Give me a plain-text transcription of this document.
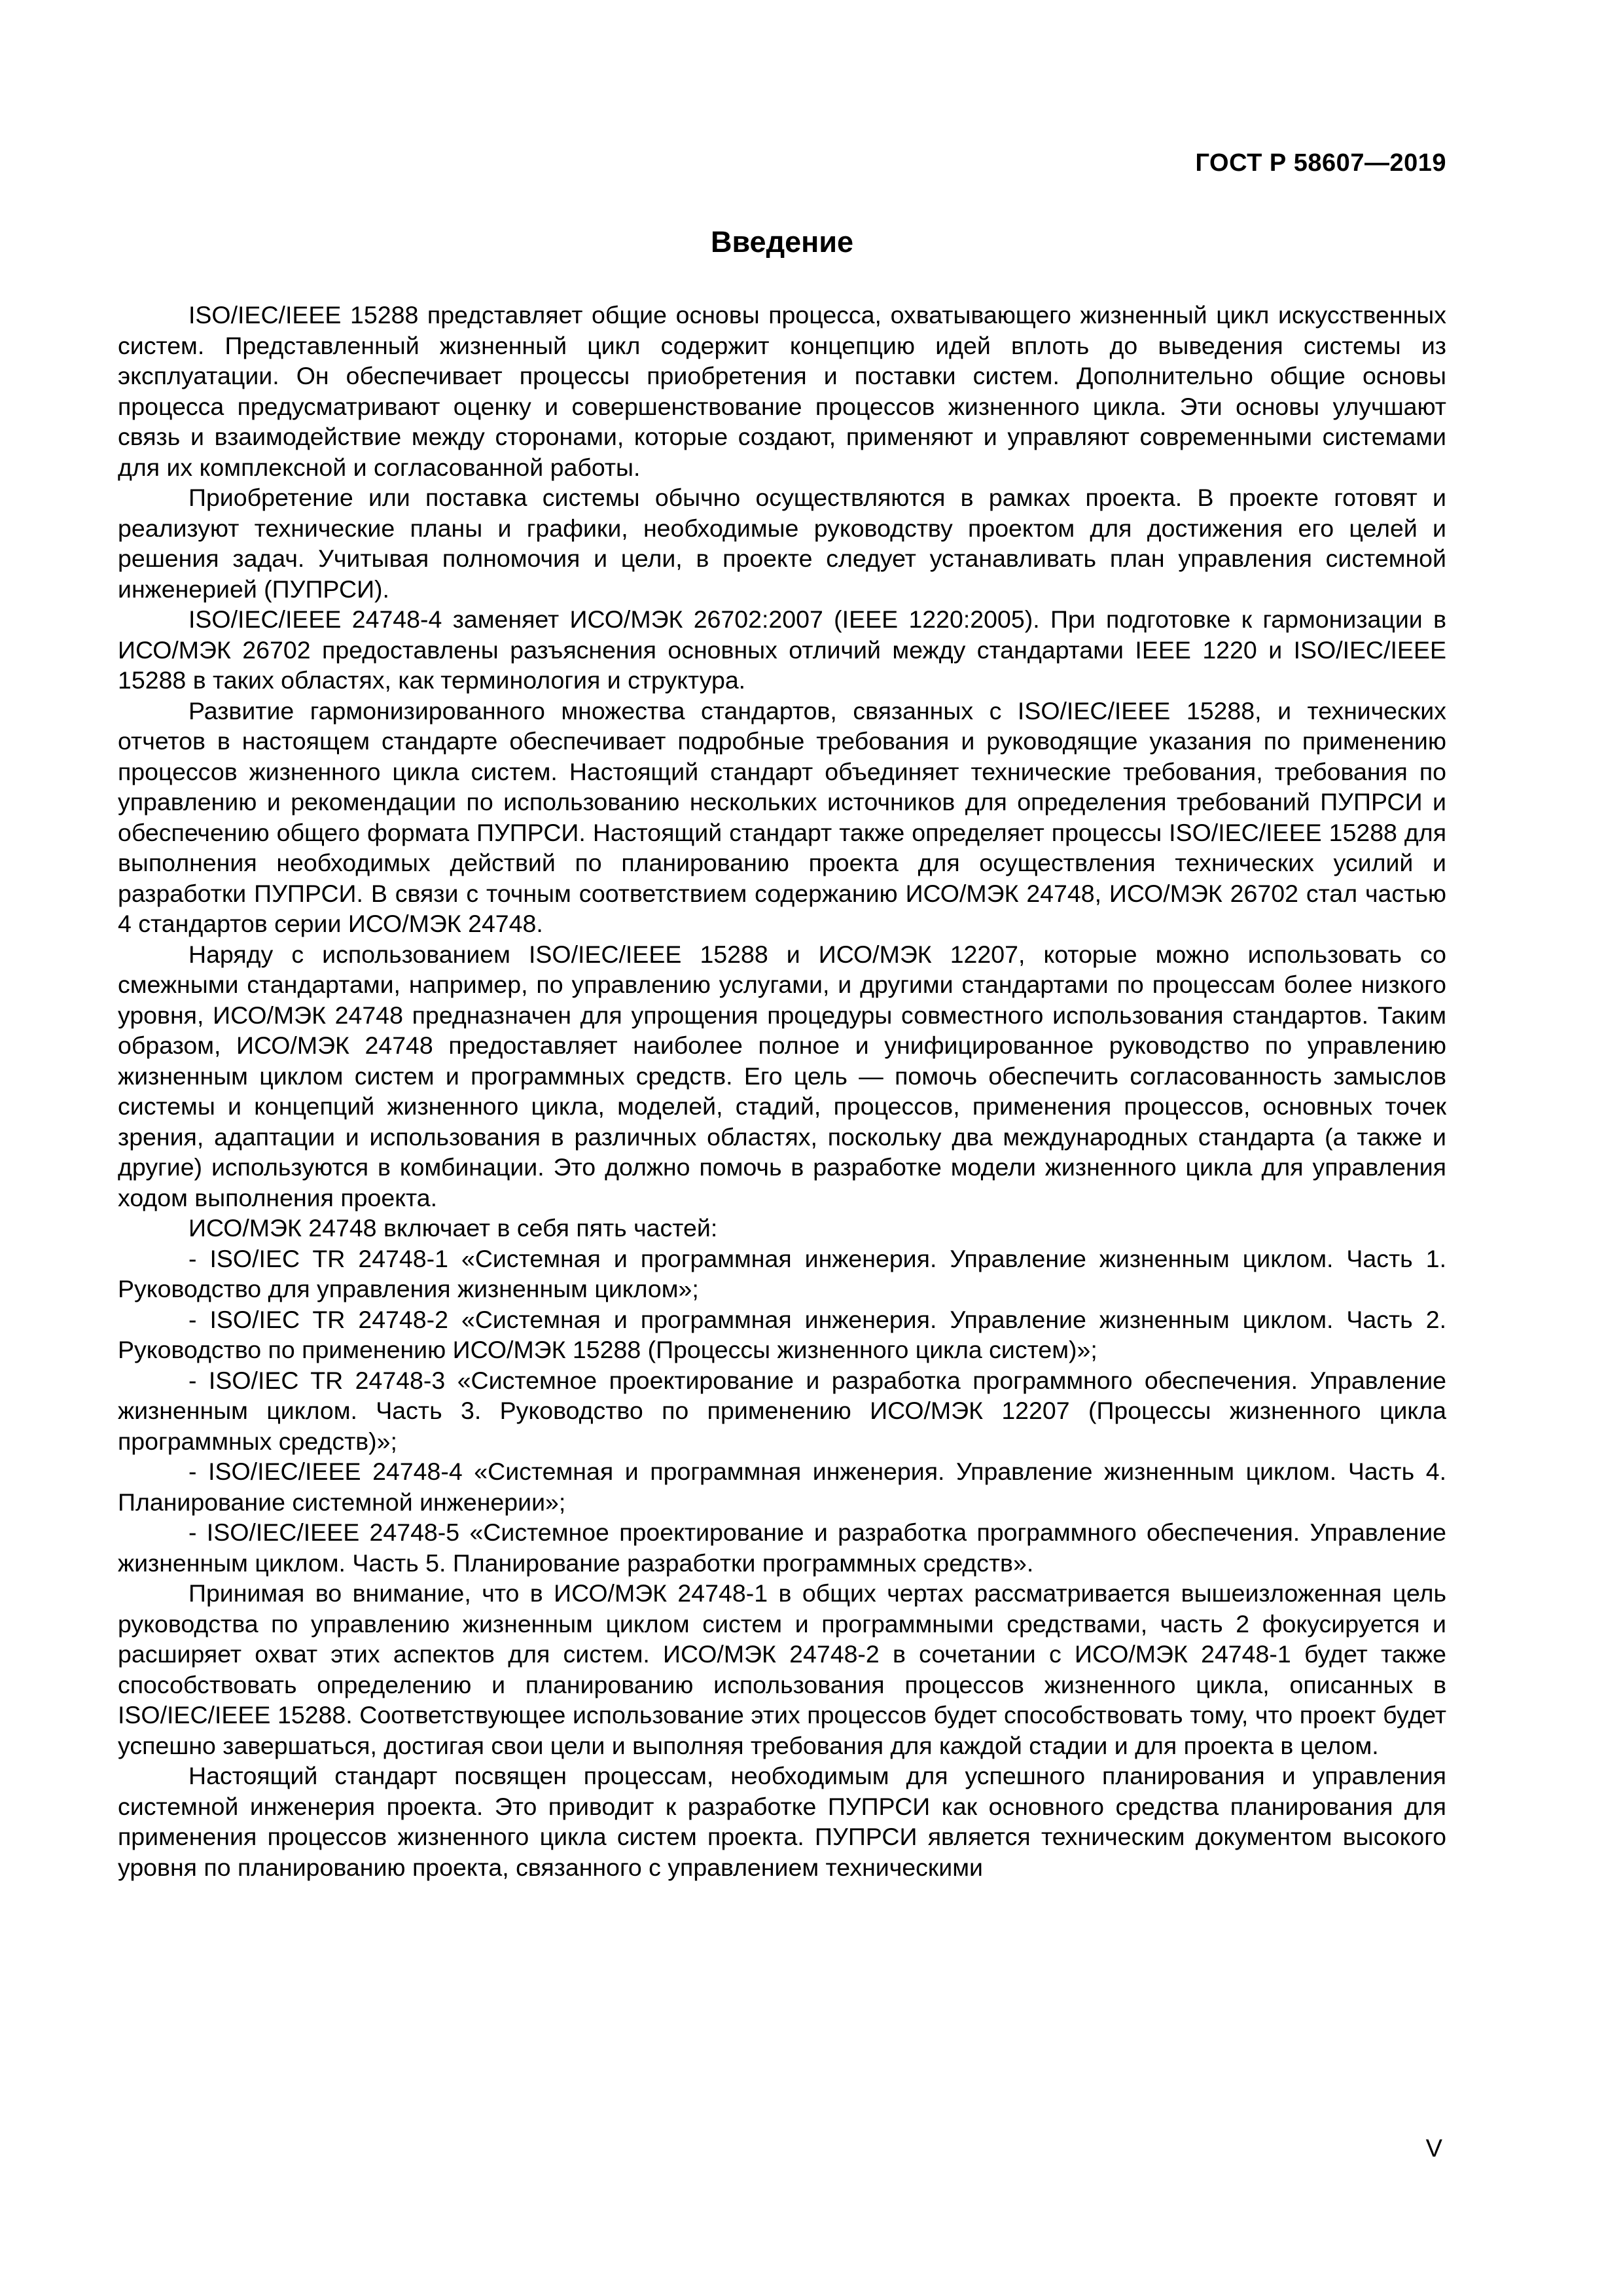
ГОСТ Р 58607—2019
Введение

ISO/IEC/IEEE 15288 представляет общие основы процесса, охватывающего жизненный цикл искусственных систем. Представленный жизненный цикл содержит концепцию идей вплоть до выведения системы из эксплуатации. Он обеспечивает процессы приобретения и поставки систем. Дополнительно общие основы процесса предусматривают оценку и совершенствование процессов жизненного цикла. Эти основы улучшают связь и взаимодействие между сторонами, которые создают, применяют и управляют современными системами для их комплексной и согласованной работы.

Приобретение или поставка системы обычно осуществляются в рамках проекта. В проекте готовят и реализуют технические планы и графики, необходимые руководству проектом для достижения его целей и решения задач. Учитывая полномочия и цели, в проекте следует устанавливать план управления системной инженерией (ПУПРСИ).

ISO/IEC/IEEE 24748-4 заменяет ИСО/МЭК 26702:2007 (IEEE 1220:2005). При подготовке к гармонизации в ИСО/МЭК 26702 предоставлены разъяснения основных отличий между стандартами IEEE 1220 и ISO/IEC/IEEE 15288 в таких областях, как терминология и структура.

Развитие гармонизированного множества стандартов, связанных с ISO/IEC/IEEE 15288, и технических отчетов в настоящем стандарте обеспечивает подробные требования и руководящие указания по применению процессов жизненного цикла систем. Настоящий стандарт объединяет технические требования, требования по управлению и рекомендации по использованию нескольких источников для определения требований ПУПРСИ и обеспечению общего формата ПУПРСИ. Настоящий стандарт также определяет процессы ISO/IEC/IEEE 15288 для выполнения необходимых действий по планированию проекта для осуществления технических усилий и разработки ПУПРСИ. В связи с точным соответствием содержанию ИСО/МЭК 24748, ИСО/МЭК 26702 стал частью 4 стандартов серии ИСО/МЭК 24748.

Наряду с использованием ISO/IEC/IEEE 15288 и ИСО/МЭК 12207, которые можно использовать со смежными стандартами, например, по управлению услугами, и другими стандартами по процессам более низкого уровня, ИСО/МЭК 24748 предназначен для упрощения процедуры совместного использования стандартов. Таким образом, ИСО/МЭК 24748 предоставляет наиболее полное и унифицированное руководство по управлению жизненным циклом систем и программных средств. Его цель — помочь обеспечить согласованность замыслов системы и концепций жизненного цикла, моделей, стадий, процессов, применения процессов, основных точек зрения, адаптации и использования в различных областях, поскольку два международных стандарта (а также и другие) используются в комбинации. Это должно помочь в разработке модели жизненного цикла для управления ходом выполнения проекта.

ИСО/МЭК 24748 включает в себя пять частей:

- ISO/IEC TR 24748-1 «Системная и программная инженерия. Управление жизненным циклом. Часть 1. Руководство для управления жизненным циклом»;

- ISO/IEC TR 24748-2 «Системная и программная инженерия. Управление жизненным циклом. Часть 2. Руководство по применению ИСО/МЭК 15288 (Процессы жизненного цикла систем)»;

- ISO/IEC TR 24748-3 «Системное проектирование и разработка программного обеспечения. Управление жизненным циклом. Часть 3. Руководство по применению ИСО/МЭК 12207 (Процессы жизненного цикла программных средств)»;

- ISO/IEC/IEEE 24748-4 «Системная и программная инженерия. Управление жизненным циклом. Часть 4. Планирование системной инженерии»;

- ISO/IEC/IEEE 24748-5 «Системное проектирование и разработка программного обеспечения. Управление жизненным циклом. Часть 5. Планирование разработки программных средств».

Принимая во внимание, что в ИСО/МЭК 24748-1 в общих чертах рассматривается вышеизложенная цель руководства по управлению жизненным циклом систем и программными средствами, часть 2 фокусируется и расширяет охват этих аспектов для систем. ИСО/МЭК 24748-2 в сочетании с ИСО/МЭК 24748-1 будет также способствовать определению и планированию использования процессов жизненного цикла, описанных в ISO/IEC/IEEE 15288. Соответствующее использование этих процессов будет способствовать тому, что проект будет успешно завершаться, достигая свои цели и выполняя требования для каждой стадии и для проекта в целом.

Настоящий стандарт посвящен процессам, необходимым для успешного планирования и управления системной инженерия проекта. Это приводит к разработке ПУПРСИ как основного средства планирования для применения процессов жизненного цикла систем проекта. ПУПРСИ является техническим документом высокого уровня по планированию проекта, связанного с управлением техническими

V
